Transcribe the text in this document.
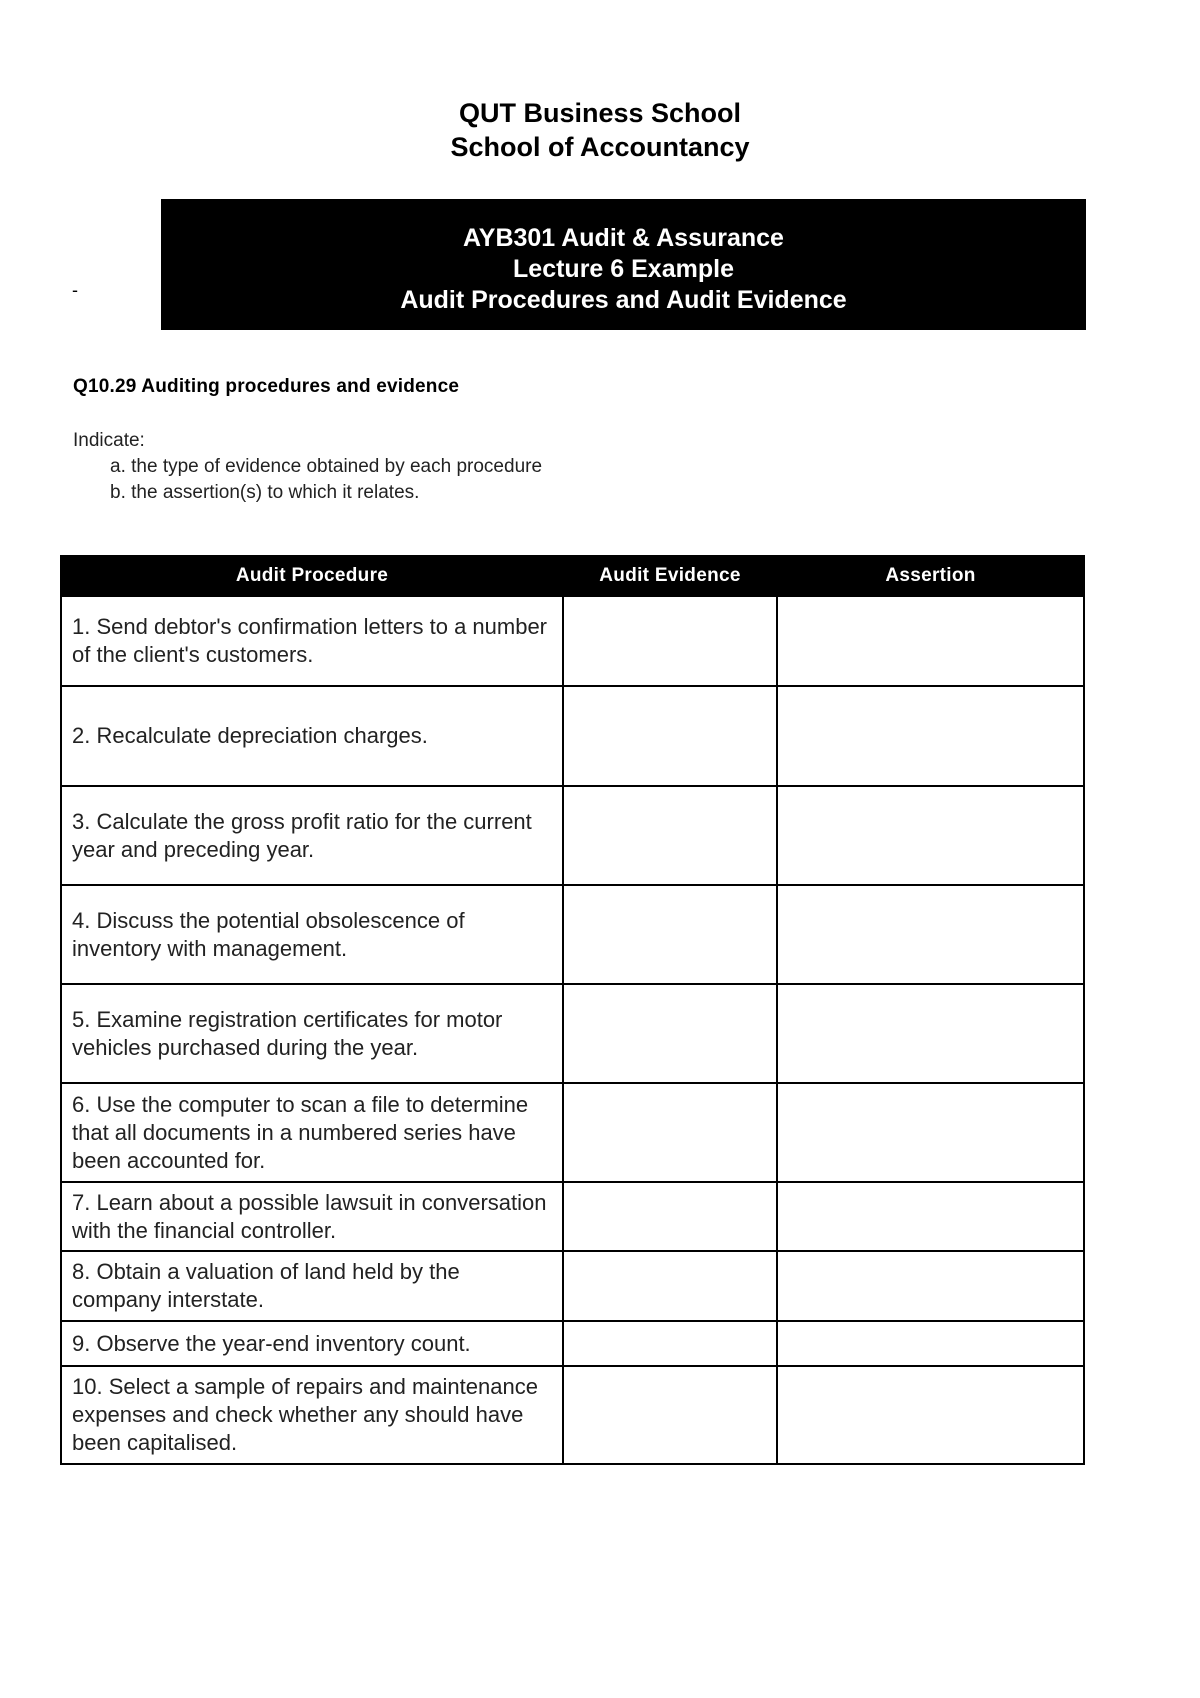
QUT Business School
School of Accountancy
-
AYB301 Audit & Assurance
Lecture 6 Example
Audit Procedures and Audit Evidence
Q10.29 Auditing procedures and evidence
Indicate:
a. the type of evidence obtained by each procedure
b. the assertion(s) to which it relates.
Audit Procedure	Audit Evidence	Assertion
1. Send debtor's confirmation letters to a number of the client's customers.		
2. Recalculate depreciation charges.		
3. Calculate the gross profit ratio for the current year and preceding year.		
4. Discuss the potential obsolescence of inventory with management.		
5. Examine registration certificates for motor vehicles purchased during the year.		
6. Use the computer to scan a file to determine that all documents in a numbered series have been accounted for.		
7. Learn about a possible lawsuit in conversation with the financial controller.		
8. Obtain a valuation of land held by the company interstate.		
9. Observe the year-end inventory count.		
10. Select a sample of repairs and maintenance expenses and check whether any should have been capitalised.		
